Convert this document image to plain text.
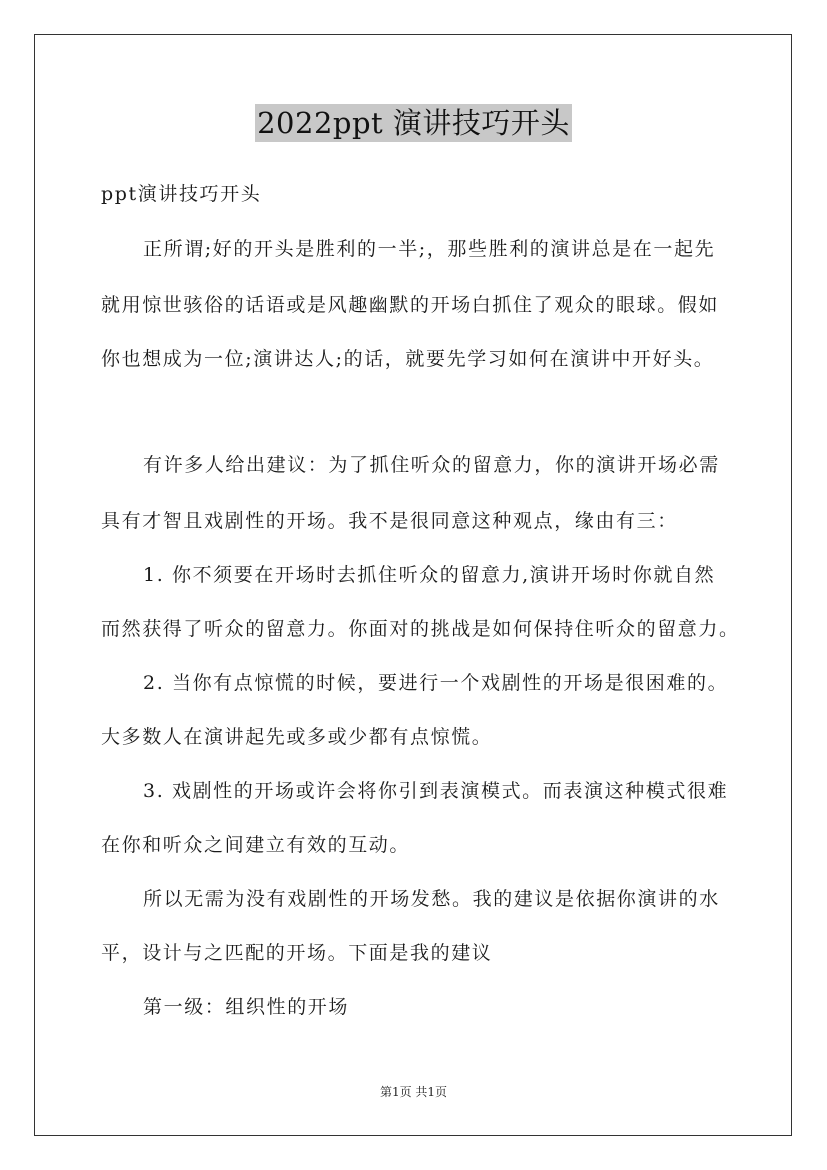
2022ppt 演讲技巧开头
ppt演讲技巧开头
正所谓;好的开头是胜利的一半;，那些胜利的演讲总是在一起先
就用惊世骇俗的话语或是风趣幽默的开场白抓住了观众的眼球。假如
你也想成为一位;演讲达人;的话，就要先学习如何在演讲中开好头。
有许多人给出建议：为了抓住听众的留意力，你的演讲开场必需
具有才智且戏剧性的开场。我不是很同意这种观点，缘由有三：
1. 你不须要在开场时去抓住听众的留意力,演讲开场时你就自然
而然获得了听众的留意力。你面对的挑战是如何保持住听众的留意力。
2. 当你有点惊慌的时候，要进行一个戏剧性的开场是很困难的。
大多数人在演讲起先或多或少都有点惊慌。
3. 戏剧性的开场或许会将你引到表演模式。而表演这种模式很难
在你和听众之间建立有效的互动。
所以无需为没有戏剧性的开场发愁。我的建议是依据你演讲的水
平，设计与之匹配的开场。下面是我的建议
第一级：组织性的开场
第1页 共1页
